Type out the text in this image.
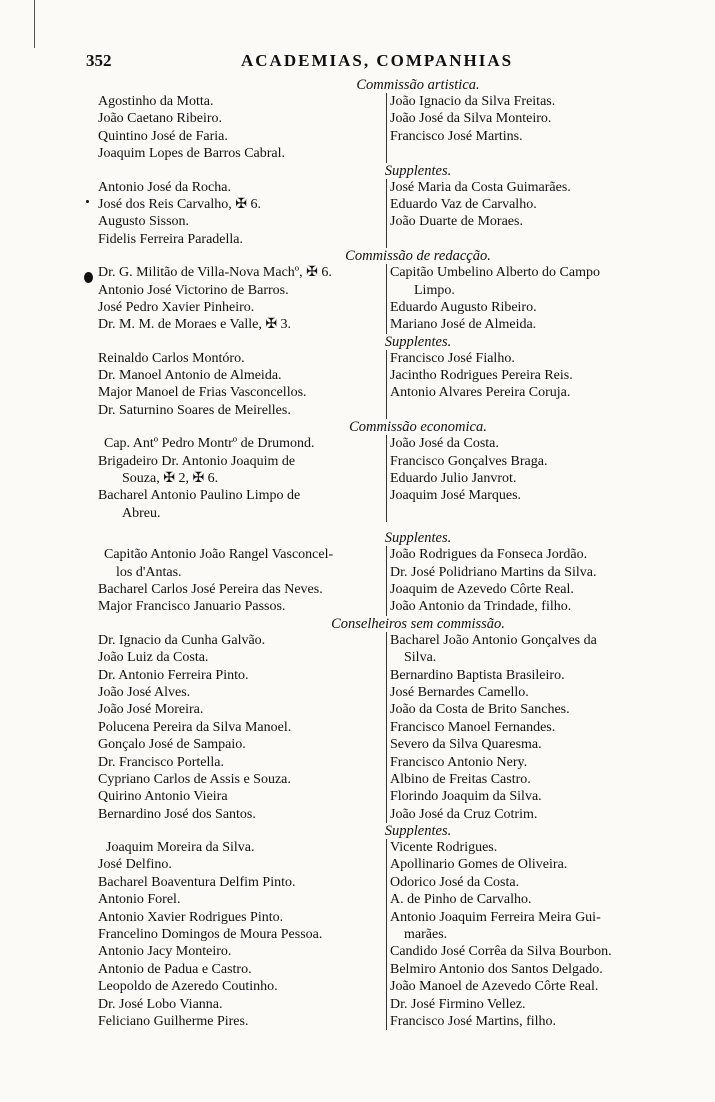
352	ACADEMIAS, COMPANHIAS
Commissão artistica.
Agostinho da Motta.
João Caetano Ribeiro.
Quintino José de Faria.
Joaquim Lopes de Barros Cabral.
João Ignacio da Silva Freitas.
João José da Silva Monteiro.
Francisco José Martins.
Supplentes.
Antonio José da Rocha.
José dos Reis Carvalho, ✠ 6.
Augusto Sisson.
Fidelis Ferreira Paradella.
José Maria da Costa Guimarães.
Eduardo Vaz de Carvalho.
João Duarte de Moraes.
Commissão de redacção.
Dr. G. Militão de Villa-Nova Machº, ✠ 6.
Antonio José Victorino de Barros.
José Pedro Xavier Pinheiro.
Dr. M. M. de Moraes e Valle, ✠ 3.
Capitão Umbelino Alberto do Campo
Limpo.
Eduardo Augusto Ribeiro.
Mariano José de Almeida.
Supplentes.
Reinaldo Carlos Montóro.
Dr. Manoel Antonio de Almeida.
Major Manoel de Frias Vasconcellos.
Dr. Saturnino Soares de Meirelles.
Francisco José Fialho.
Jacintho Rodrigues Pereira Reis.
Antonio Alvares Pereira Coruja.
Commissão economica.
Cap. Antº Pedro Montrº de Drumond.
Brigadeiro Dr. Antonio Joaquim de
Souza, ✠ 2, ✠ 6.
Bacharel Antonio Paulino Limpo de
Abreu.
João José da Costa.
Francisco Gonçalves Braga.
Eduardo Julio Janvrot.
Joaquim José Marques.
Supplentes.
Capitão Antonio João Rangel Vasconcel-
los d'Antas.
Bacharel Carlos José Pereira das Neves.
Major Francisco Januario Passos.
João Rodrigues da Fonseca Jordão.
Dr. José Polidriano Martins da Silva.
Joaquim de Azevedo Côrte Real.
João Antonio da Trindade, filho.
Conselheiros sem commissão.
Dr. Ignacio da Cunha Galvão.
João Luiz da Costa.
Dr. Antonio Ferreira Pinto.
João José Alves.
João José Moreira.
Polucena Pereira da Silva Manoel.
Gonçalo José de Sampaio.
Dr. Francisco Portella.
Cypriano Carlos de Assis e Souza.
Quirino Antonio Vieira
Bernardino José dos Santos.
Bacharel João Antonio Gonçalves da
Silva.
Bernardino Baptista Brasileiro.
José Bernardes Camello.
João da Costa de Brito Sanches.
Francisco Manoel Fernandes.
Severo da Silva Quaresma.
Francisco Antonio Nery.
Albino de Freitas Castro.
Florindo Joaquim da Silva.
João José da Cruz Cotrim.
Supplentes.
Joaquim Moreira da Silva.
José Delfino.
Bacharel Boaventura Delfim Pinto.
Antonio Forel.
Antonio Xavier Rodrigues Pinto.
Francelino Domingos de Moura Pessoa.
Antonio Jacy Monteiro.
Antonio de Padua e Castro.
Leopoldo de Azeredo Coutinho.
Dr. José Lobo Vianna.
Feliciano Guilherme Pires.
Vicente Rodrigues.
Apollinario Gomes de Oliveira.
Odorico José da Costa.
A. de Pinho de Carvalho.
Antonio Joaquim Ferreira Meira Gui-
marães.
Candido José Corrêa da Silva Bourbon.
Belmiro Antonio dos Santos Delgado.
João Manoel de Azevedo Côrte Real.
Dr. José Firmino Vellez.
Francisco José Martins, filho.
